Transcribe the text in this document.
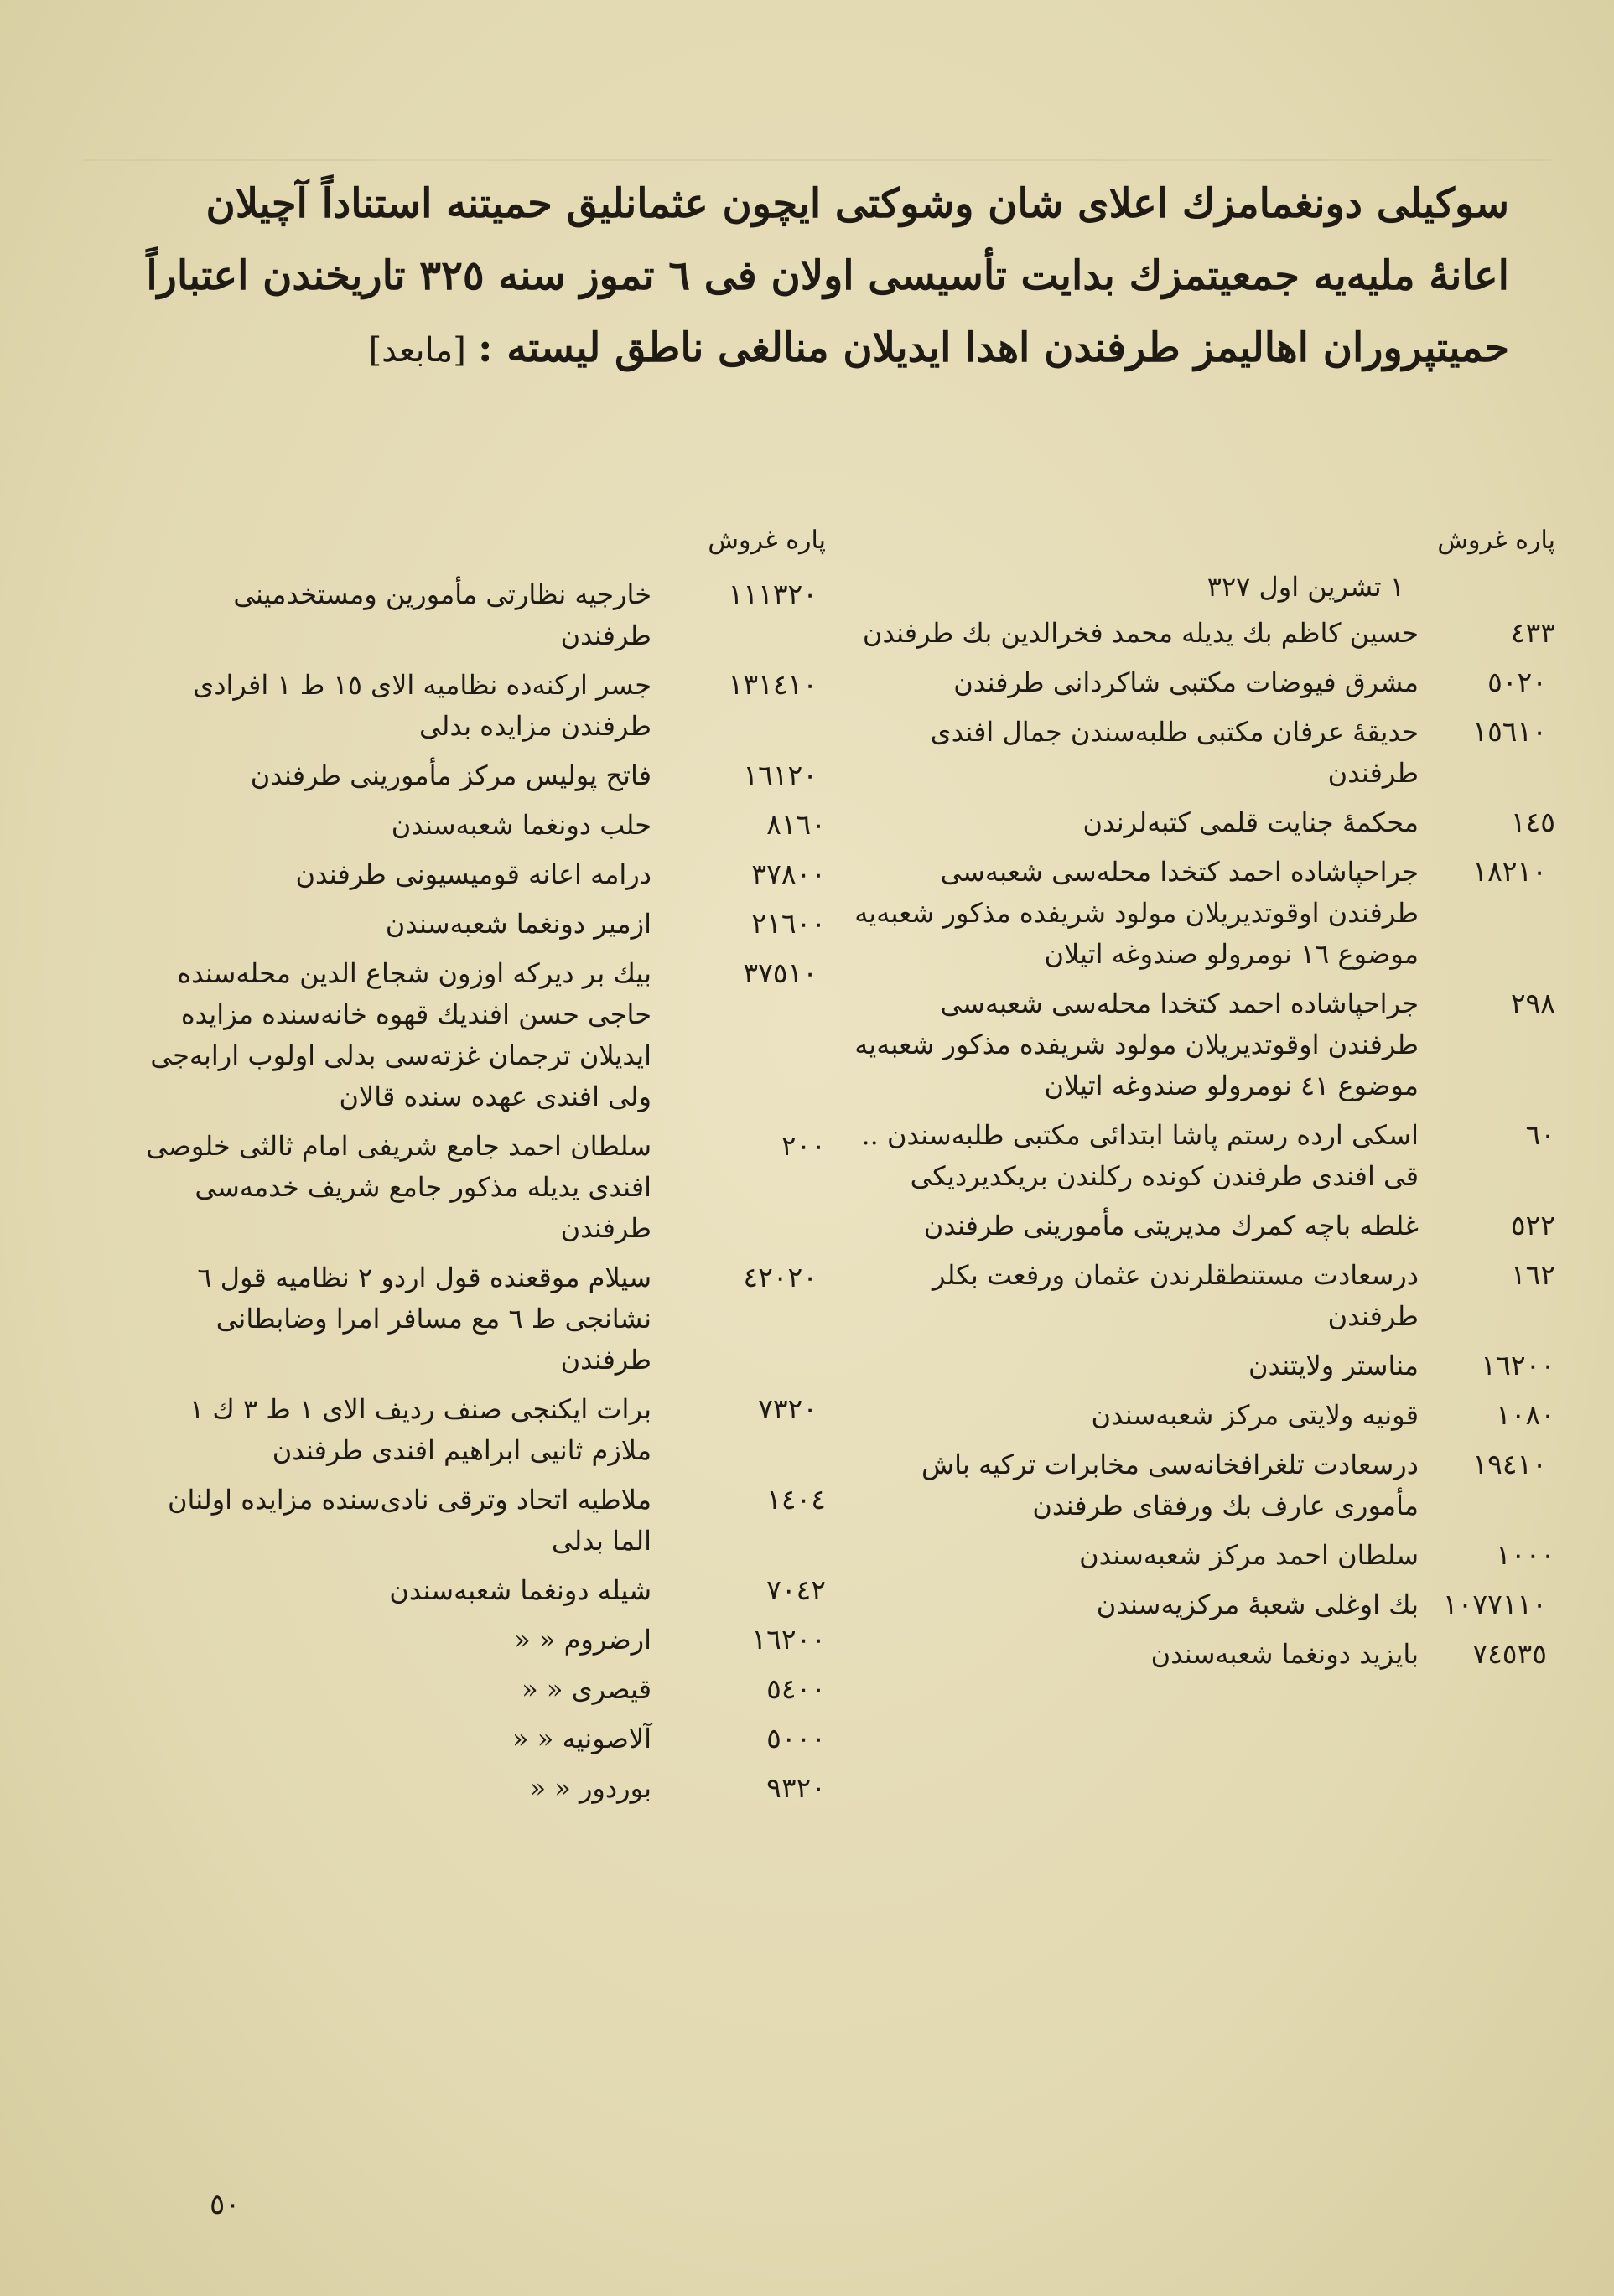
سوكيلى دونغمامزك اعلاى شان وشوكتى ايچون عثمانليق حميتنه استناداً آچيلان
اعانهٔ مليه‌يه جمعيتمزك بدايت تأسيسى اولان فى ٦ تموز سنه ٣٢٥ تاريخندن اعتباراً
حميتپروران اهاليمز طرفندن اهدا ايديلان منالغى ناطق ليسته‌ :[مابعد]
پاره غروش
١ تشرين اول ٣٢٧
٤٣٣
حسين كاظم بك يديله محمد فخرالدين بك طرفندن
٥٠٢٠
مشرق فيوضات مكتبى شاكردانى طرفندن
١٥٦١٠
حديقهٔ عرفان مكتبى طلبه‌سندن جمال افندى طرفندن
١٤٥
محكمهٔ جنايت قلمى كتبه‌لرندن
١٨٢١٠
جراحپاشاده احمد كتخدا محله‌سى شعبه‌سى طرفندن اوقوتديريلان مولود شريفده مذكور شعبه‌يه موضوع ١٦ نومرولو صندوغه اتيلان
٢٩٨
جراحپاشاده احمد كتخدا محله‌سى شعبه‌سى طرفندن اوقوتديريلان مولود شريفده مذكور شعبه‌يه موضوع ٤١ نومرولو صندوغه اتيلان
٦٠
اسكى ارده رستم پاشا ابتدائى مكتبى طلبه‌سندن .. قى افندى طرفندن كونده‌ ركلندن بريكديرديكى
٥٢٢
غلطه باچه كمرك مديريتى مأمورينى طرفندن
١٦٢
درسعادت مستنطقلرندن عثمان ورفعت بكلر طرفندن
١٦٢٠٠
مناستر ولايتندن
١٠٨٠
قونيه ولايتى مركز شعبه‌سندن
١٩٤١٠
درسعادت تلغرافخانه‌سى مخابرات تركيه باش مأمورى عارف بك ورفقاى طرفندن
١٠٠٠
سلطان احمد مركز شعبه‌سندن
١٠٧٧١١٠
بك اوغلى شعبهٔ مركزيه‌سندن
٧٤٥٣٥
بايزيد دونغما شعبه‌سندن
پاره غروش
١١١٣٢٠
خارجيه نظارتى مأمورين ومستخدمينى طرفندن
١٣١٤١٠
جسر اركنه‌ده نظاميه الاى ١٥ ط ١ افرادى طرفندن مزايده بدلى
١٦١٢٠
فاتح پوليس مركز مأمورينى طرفندن
٨١٦٠
حلب دونغما شعبه‌سندن
٣٧٨٠٠
درامه اعانه قوميسيونى طرفندن
٢١٦٠٠
ازمير دونغما شعبه‌سندن
٣٧٥١٠
بيك بر ديركه اوزون شجاع الدين محله‌سنده حاجى حسن افنديك قهوه‌ خانه‌سنده مزايده ايديلان ترجمان غزته‌سى بدلى اولوب ارابه‌جى ولى افندى عهده‌ سنده قالان
٢٠٠
سلطان احمد جامع شريفى امام ثالثى خلوصى افندى يديله مذكور جامع شريف خدمه‌سى طرفندن
٤٢٠٢٠
سيلام موقعنده قول اردو ٢ نظاميه قول ٦ نشانجى ط ٦ مع مسافر امرا وضابطانى طرفندن
٧٣٢٠
برات ايكنجى صنف رديف الاى ١ ط ٣ ك ١ ملازم ثانيى ابراهيم افندى طرفندن
١٤٠٤
ملاطيه اتحاد وترقى نادى‌سنده مزايده‌ اولنان الما بدلى
٧٠٤٢
شيله دونغما شعبه‌سندن
١٦٢٠٠
ارضروم « «
٥٤٠٠
قيصرى « «
٥٠٠٠
آلاصونيه « «
٩٣٢٠
بوردور « «
٥٠
